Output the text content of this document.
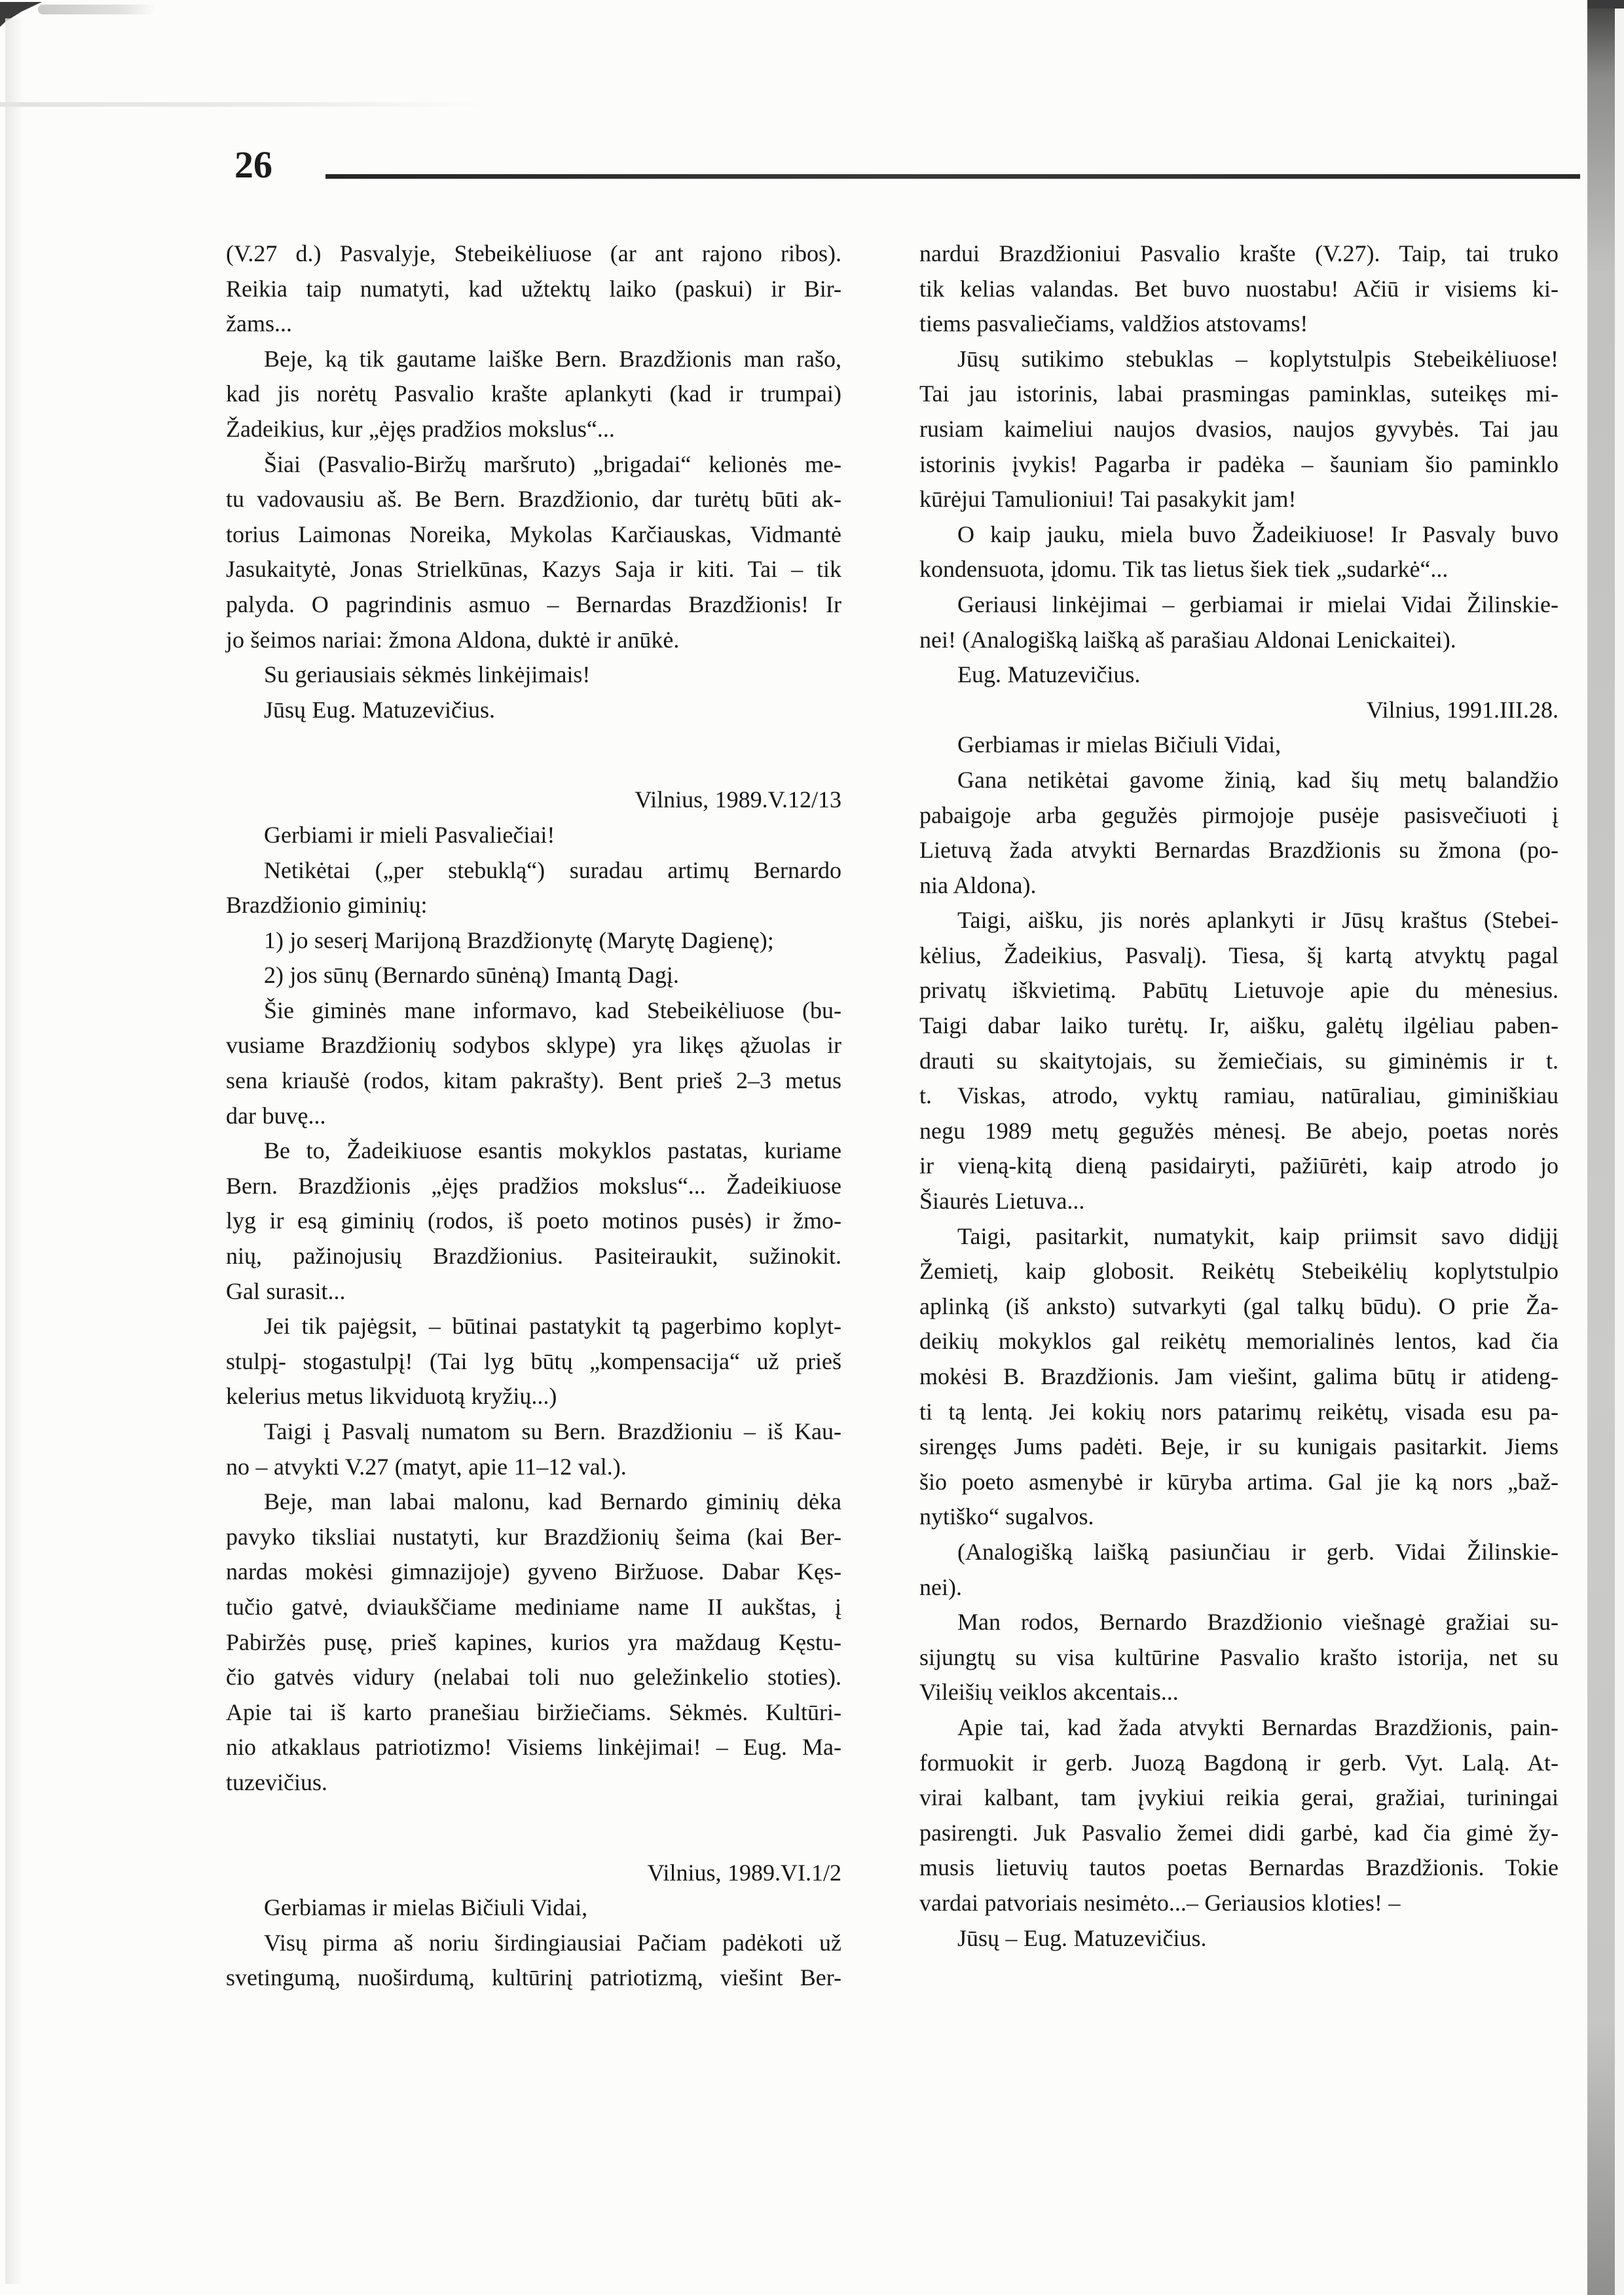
26
(V.27 d.) Pasvalyje, Stebeikėliuose (ar ant rajono ribos).
Reikia taip numatyti, kad užtektų laiko (paskui) ir Bir-
žams...
Beje, ką tik gautame laiške Bern. Brazdžionis man rašo,
kad jis norėtų Pasvalio krašte aplankyti (kad ir trumpai)
Žadeikius, kur „ėjęs pradžios mokslus“...
Šiai (Pasvalio-Biržų maršruto) „brigadai“ kelionės me-
tu vadovausiu aš. Be Bern. Brazdžionio, dar turėtų būti ak-
torius Laimonas Noreika, Mykolas Karčiauskas, Vidmantė
Jasukaitytė, Jonas Strielkūnas, Kazys Saja ir kiti. Tai – tik
palyda. O pagrindinis asmuo – Bernardas Brazdžionis! Ir
jo šeimos nariai: žmona Aldona, duktė ir anūkė.
Su geriausiais sėkmės linkėjimais!
Jūsų Eug. Matuzevičius.
Vilnius, 1989.V.12/13
Gerbiami ir mieli Pasvaliečiai!
Netikėtai („per stebuklą“) suradau artimų Bernardo
Brazdžionio giminių:
1) jo seserį Marijoną Brazdžionytę (Marytę Dagienę);
2) jos sūnų (Bernardo sūnėną) Imantą Dagį.
Šie giminės mane informavo, kad Stebeikėliuose (bu-
vusiame Brazdžionių sodybos sklype) yra likęs ąžuolas ir
sena kriaušė (rodos, kitam pakrašty). Bent prieš 2–3 metus
dar buvę...
Be to, Žadeikiuose esantis mokyklos pastatas, kuriame
Bern. Brazdžionis „ėjęs pradžios mokslus“... Žadeikiuose
lyg ir esą giminių (rodos, iš poeto motinos pusės) ir žmo-
nių, pažinojusių Brazdžionius. Pasiteiraukit, sužinokit.
Gal surasit...
Jei tik pajėgsit, – būtinai pastatykit tą pagerbimo koplyt-
stulpį- stogastulpį! (Tai lyg būtų „kompensacija“ už prieš
kelerius metus likviduotą kryžių...)
Taigi į Pasvalį numatom su Bern. Brazdžioniu – iš Kau-
no – atvykti V.27 (matyt, apie 11–12 val.).
Beje, man labai malonu, kad Bernardo giminių dėka
pavyko tiksliai nustatyti, kur Brazdžionių šeima (kai Ber-
nardas mokėsi gimnazijoje) gyveno Biržuose. Dabar Kęs-
tučio gatvė, dviaukščiame mediniame name II aukštas, į
Pabiržės pusę, prieš kapines, kurios yra maždaug Kęstu-
čio gatvės vidury (nelabai toli nuo geležinkelio stoties).
Apie tai iš karto pranešiau biržiečiams. Sėkmės. Kultūri-
nio atkaklaus patriotizmo! Visiems linkėjimai! – Eug. Ma-
tuzevičius.
Vilnius, 1989.VI.1/2
Gerbiamas ir mielas Bičiuli Vidai,
Visų pirma aš noriu širdingiausiai Pačiam padėkoti už
svetingumą, nuoširdumą, kultūrinį patriotizmą, viešint Ber-
nardui Brazdžioniui Pasvalio krašte (V.27). Taip, tai truko
tik kelias valandas. Bet buvo nuostabu! Ačiū ir visiems ki-
tiems pasvaliečiams, valdžios atstovams!
Jūsų sutikimo stebuklas – koplytstulpis Stebeikėliuose!
Tai jau istorinis, labai prasmingas paminklas, suteikęs mi-
rusiam kaimeliui naujos dvasios, naujos gyvybės. Tai jau
istorinis įvykis! Pagarba ir padėka – šauniam šio paminklo
kūrėjui Tamulioniui! Tai pasakykit jam!
O kaip jauku, miela buvo Žadeikiuose! Ir Pasvaly buvo
kondensuota, įdomu. Tik tas lietus šiek tiek „sudarkė“...
Geriausi linkėjimai – gerbiamai ir mielai Vidai Žilinskie-
nei! (Analogišką laišką aš parašiau Aldonai Lenickaitei).
Eug. Matuzevičius.
Vilnius, 1991.III.28.
Gerbiamas ir mielas Bičiuli Vidai,
Gana netikėtai gavome žinią, kad šių metų balandžio
pabaigoje arba gegužės pirmojoje pusėje pasisvečiuoti į
Lietuvą žada atvykti Bernardas Brazdžionis su žmona (po-
nia Aldona).
Taigi, aišku, jis norės aplankyti ir Jūsų kraštus (Stebei-
kėlius, Žadeikius, Pasvalį). Tiesa, šį kartą atvyktų pagal
privatų iškvietimą. Pabūtų Lietuvoje apie du mėnesius.
Taigi dabar laiko turėtų. Ir, aišku, galėtų ilgėliau paben-
drauti su skaitytojais, su žemiečiais, su giminėmis ir t.
t. Viskas, atrodo, vyktų ramiau, natūraliau, giminiškiau
negu 1989 metų gegužės mėnesį. Be abejo, poetas norės
ir vieną-kitą dieną pasidairyti, pažiūrėti, kaip atrodo jo
Šiaurės Lietuva...
Taigi, pasitarkit, numatykit, kaip priimsit savo didįjį
Žemietį, kaip globosit. Reikėtų Stebeikėlių koplytstulpio
aplinką (iš anksto) sutvarkyti (gal talkų būdu). O prie Ža-
deikių mokyklos gal reikėtų memorialinės lentos, kad čia
mokėsi B. Brazdžionis. Jam viešint, galima būtų ir atideng-
ti tą lentą. Jei kokių nors patarimų reikėtų, visada esu pa-
sirengęs Jums padėti. Beje, ir su kunigais pasitarkit. Jiems
šio poeto asmenybė ir kūryba artima. Gal jie ką nors „baž-
nytiško“ sugalvos.
(Analogišką laišką pasiunčiau ir gerb. Vidai Žilinskie-
nei).
Man rodos, Bernardo Brazdžionio viešnagė gražiai su-
sijungtų su visa kultūrine Pasvalio krašto istorija, net su
Vileišių veiklos akcentais...
Apie tai, kad žada atvykti Bernardas Brazdžionis, pain-
formuokit ir gerb. Juozą Bagdoną ir gerb. Vyt. Lalą. At-
virai kalbant, tam įvykiui reikia gerai, gražiai, turiningai
pasirengti. Juk Pasvalio žemei didi garbė, kad čia gimė žy-
musis lietuvių tautos poetas Bernardas Brazdžionis. Tokie
vardai patvoriais nesimėto...– Geriausios kloties! –
Jūsų – Eug. Matuzevičius.
